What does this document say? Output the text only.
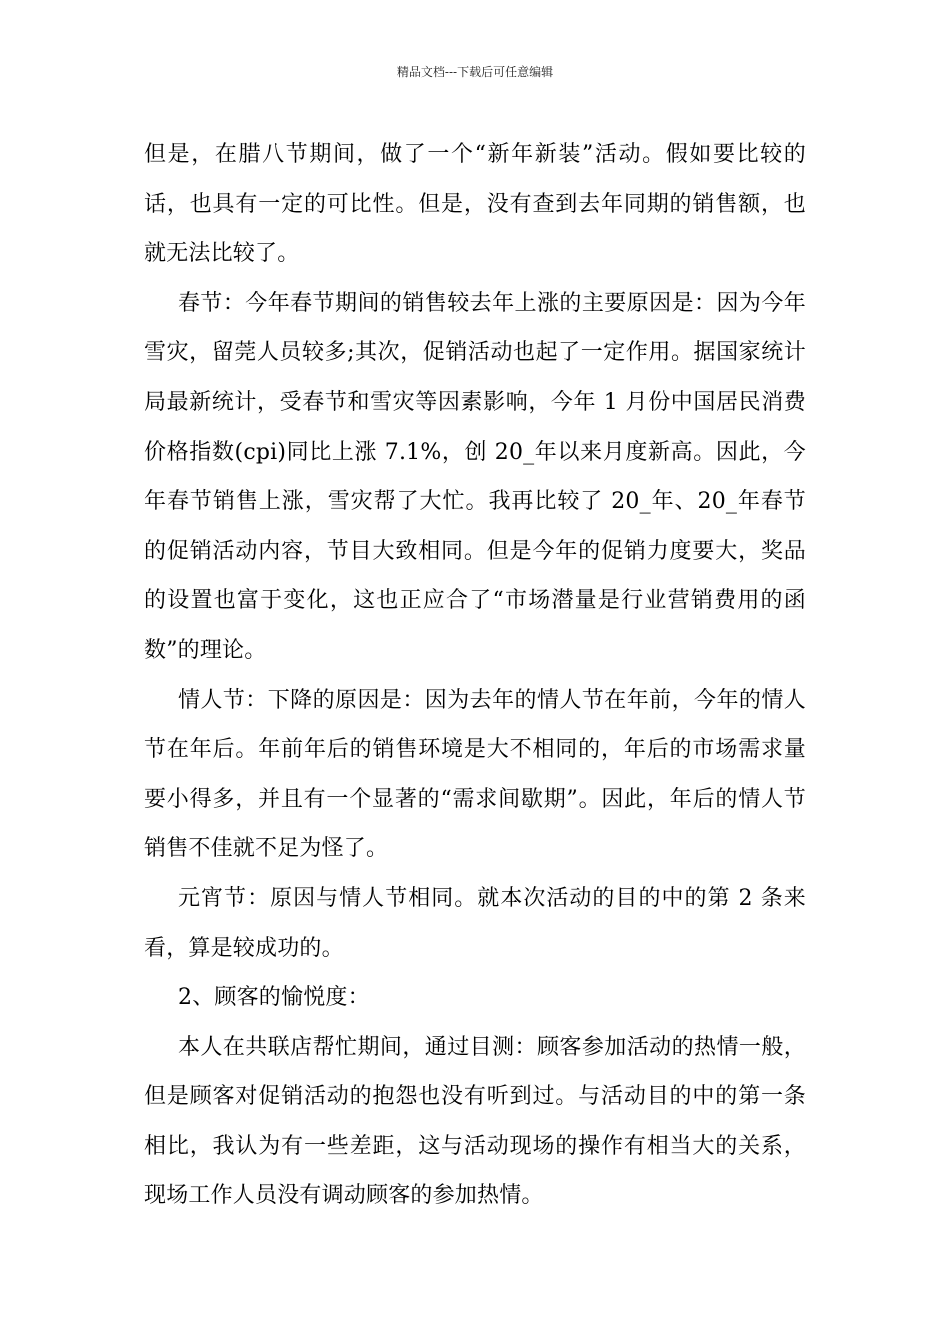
精品文档---下载后可任意编辑

但是，在腊八节期间，做了一个“新年新装”活动。假如要比较的话，也具有一定的可比性。但是，没有查到去年同期的销售额，也就无法比较了。

春节：今年春节期间的销售较去年上涨的主要原因是：因为今年雪灾，留莞人员较多;其次，促销活动也起了一定作用。据国家统计局最新统计，受春节和雪灾等因素影响，今年 1 月份中国居民消费价格指数(cpi)同比上涨 7.1%，创 20_年以来月度新高。因此，今年春节销售上涨，雪灾帮了大忙。我再比较了 20_年、20_年春节的促销活动内容，节目大致相同。但是今年的促销力度要大，奖品的设置也富于变化，这也正应合了“市场潜量是行业营销费用的函数”的理论。

情人节：下降的原因是：因为去年的情人节在年前，今年的情人节在年后。年前年后的销售环境是大不相同的，年后的市场需求量要小得多，并且有一个显著的“需求间歇期”。因此，年后的情人节销售不佳就不足为怪了。

元宵节：原因与情人节相同。就本次活动的目的中的第 2 条来看，算是较成功的。

2、顾客的愉悦度：

本人在共联店帮忙期间，通过目测：顾客参加活动的热情一般，但是顾客对促销活动的抱怨也没有听到过。与活动目的中的第一条相比，我认为有一些差距，这与活动现场的操作有相当大的关系，现场工作人员没有调动顾客的参加热情。
